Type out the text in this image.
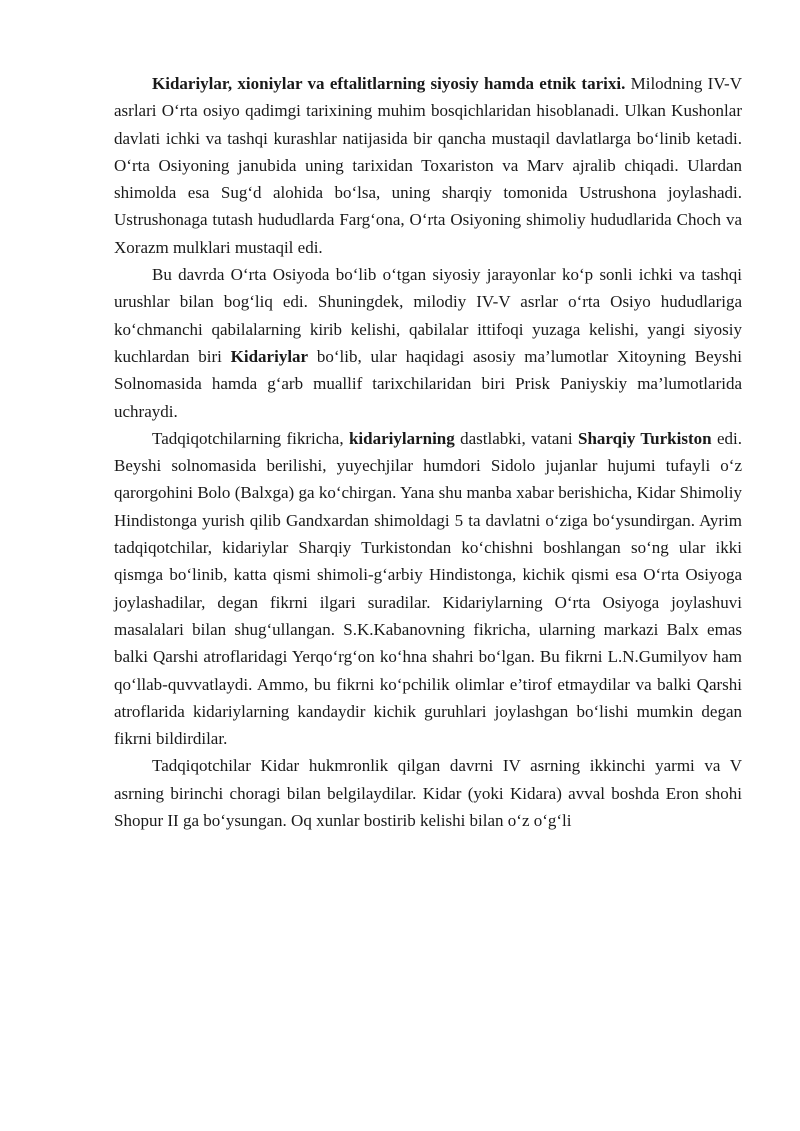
Kidariylar, xioniylar va eftalitlarning siyosiy hamda etnik tarixi. Milodning IV-V asrlari O‘rta osiyo qadimgi tarixining muhim bosqichlaridan hisoblanadi. Ulkan Kushonlar davlati ichki va tashqi kurashlar natijasida bir qancha mustaqil davlatlarga bo‘linib ketadi. O‘rta Osiyoning janubida uning tarixidan Toxariston va Marv ajralib chiqadi. Ulardan shimolda esa Sug‘d alohida bo‘lsa, uning sharqiy tomonida Ustrushona joylashadi. Ustrushonaga tutash hududlarda Farg‘ona, O‘rta Osiyoning shimoliy hududlarida Choch va Xorazm mulklari mustaqil edi.

Bu davrda O‘rta Osiyoda bo‘lib o‘tgan siyosiy jarayonlar ko‘p sonli ichki va tashqi urushlar bilan bog‘liq edi. Shuningdek, milodiy IV-V asrlar o‘rta Osiyo hududlariga ko‘chmanchi qabilalarning kirib kelishi, qabilalar ittifoqi yuzaga kelishi, yangi siyosiy kuchlardan biri Kidariylar bo‘lib, ular haqidagi asosiy ma’lumotlar Xitoyning Beyshi Solnomasida hamda g‘arb muallif tarixchilaridan biri Prisk Paniyskiy ma’lumotlarida uchraydi.

Tadqiqotchilarning fikricha, kidariylarning dastlabki, vatani Sharqiy Turkiston edi. Beyshi solnomasida berilishi, yuyechjilar humdori Sidolo jujanlar hujumi tufayli o‘z qarorgohini Bolo (Balxga) ga ko‘chirgan. Yana shu manba xabar berishicha, Kidar Shimoliy Hindistonga yurish qilib Gandxardan shimoldagi 5 ta davlatni o‘ziga bo‘ysundirgan. Ayrim tadqiqotchilar, kidariylar Sharqiy Turkistondan ko‘chishni boshlangan so‘ng ular ikki qismga bo‘linib, katta qismi shimoli-g‘arbiy Hindistonga, kichik qismi esa O‘rta Osiyoga joylashadilar, degan fikrni ilgari suradilar. Kidariylarning O‘rta Osiyoga joylashuvi masalalari bilan shug‘ullangan. S.K.Kabanovning fikricha, ularning markazi Balx emas balki Qarshi atroflaridagi Yerqo‘rg‘on ko‘hna shahri bo‘lgan. Bu fikrni L.N.Gumilyov ham qo‘llab-quvvatlaydi. Ammo, bu fikrni ko‘pchilik olimlar e’tirof etmaydilar va balki Qarshi atroflarida kidariylarning kandaydir kichik guruhlari joylashgan bo‘lishi mumkin degan fikrni bildirdilar.

Tadqiqotchilar Kidar hukmronlik qilgan davrni IV asrning ikkinchi yarmi va V asrning birinchi choragi bilan belgilaydilar. Kidar (yoki Kidara) avval boshda Eron shohi Shopur II ga bo‘ysungan. Oq xunlar bostirib kelishi bilan o‘z o‘g‘li
